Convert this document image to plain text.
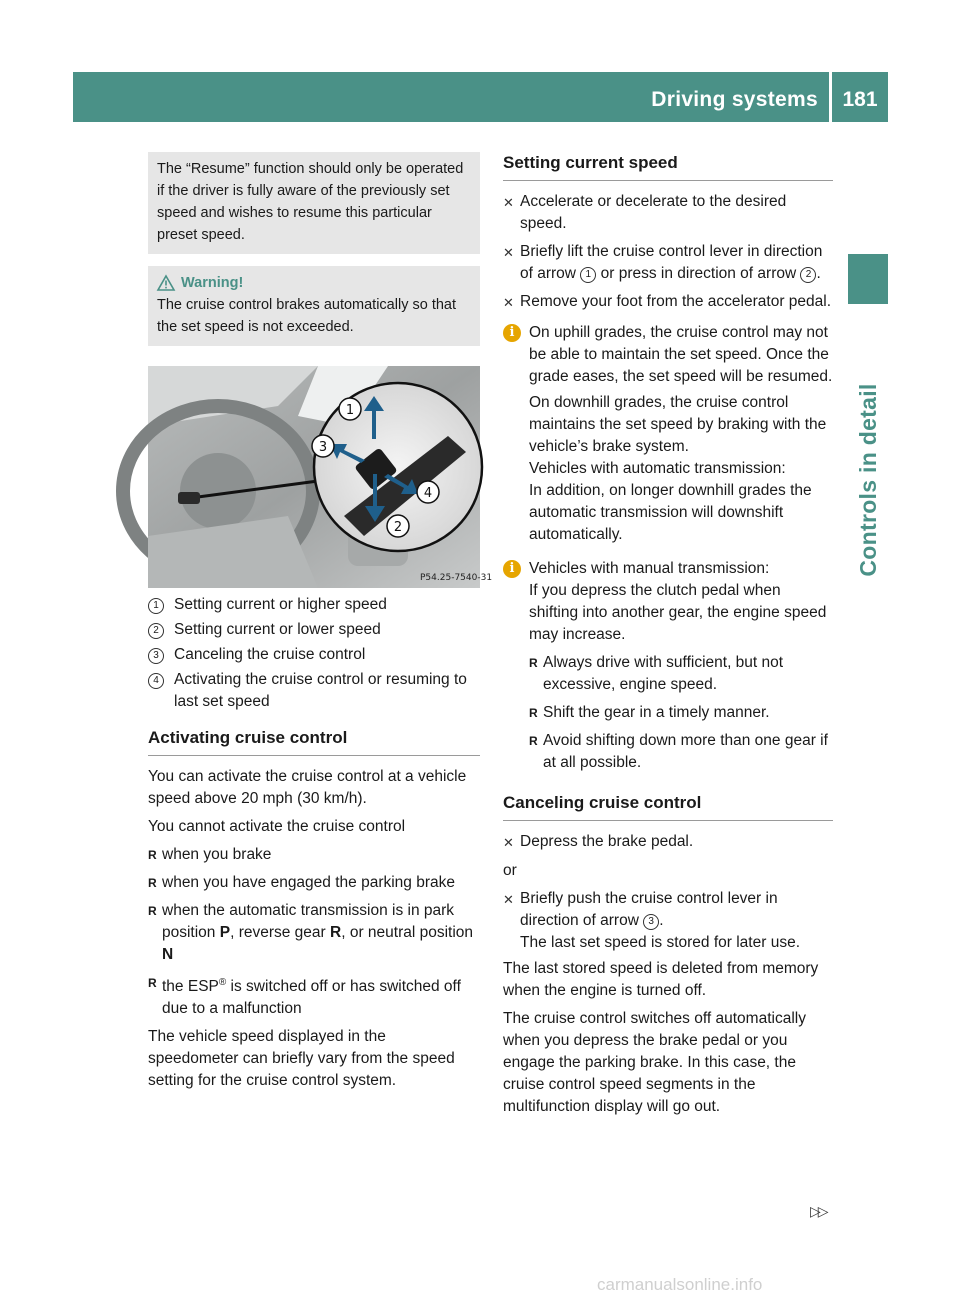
Driving systems	181
Controls in detail
The “Resume” function should only be operated if the driver is fully aware of the previously set speed and wishes to resume this particular preset speed.
Warning!
The cruise control brakes automatically so that the set speed is not exceeded.
1
2
3
4
P54.25-7540-31
1 Setting current or higher speed
2 Setting current or lower speed
3 Canceling the cruise control
4 Activating the cruise control or resuming to last set speed
Activating cruise control

You can activate the cruise control at a vehicle speed above 20 mph (30 km/h).

You cannot activate the cruise control

R when you brake
R when you have engaged the parking brake
R when the automatic transmission is in park position P, reverse gear R, or neutral position N
R the ESP® is switched off or has switched off due to a malfunction

The vehicle speed displayed in the speedometer can briefly vary from the speed setting for the cruise control system.

Setting current speed
✕ Accelerate or decelerate to the desired speed.
✕ Briefly lift the cruise control lever in direction of arrow 1 or press in direction of arrow 2 .
✕ Remove your foot from the accelerator pedal.
i On uphill grades, the cruise control may not be able to maintain the set speed. Once the grade eases, the set speed will be resumed.

On downhill grades, the cruise control maintains the set speed by braking with the vehicle’s brake system.

Vehicles with automatic transmission:

In addition, on longer downhill grades the automatic transmission will downshift automatically.

i Vehicles with manual transmission:

If you depress the clutch pedal when shifting into another gear, the engine speed may increase.

R Always drive with sufficient, but not excessive, engine speed.
R Shift the gear in a timely manner.
R Avoid shifting down more than one gear if at all possible.
Canceling cruise control
✕ Depress the brake pedal.

or

✕ Briefly push the cruise control lever in direction of arrow 3 .
The last set speed is stored for later use.

The last stored speed is deleted from memory when the engine is turned off.

The cruise control switches off automatically when you depress the brake pedal or you engage the parking brake. In this case, the cruise control speed segments in the multifunction display will go out.

▷▷
carmanualsonline.info
